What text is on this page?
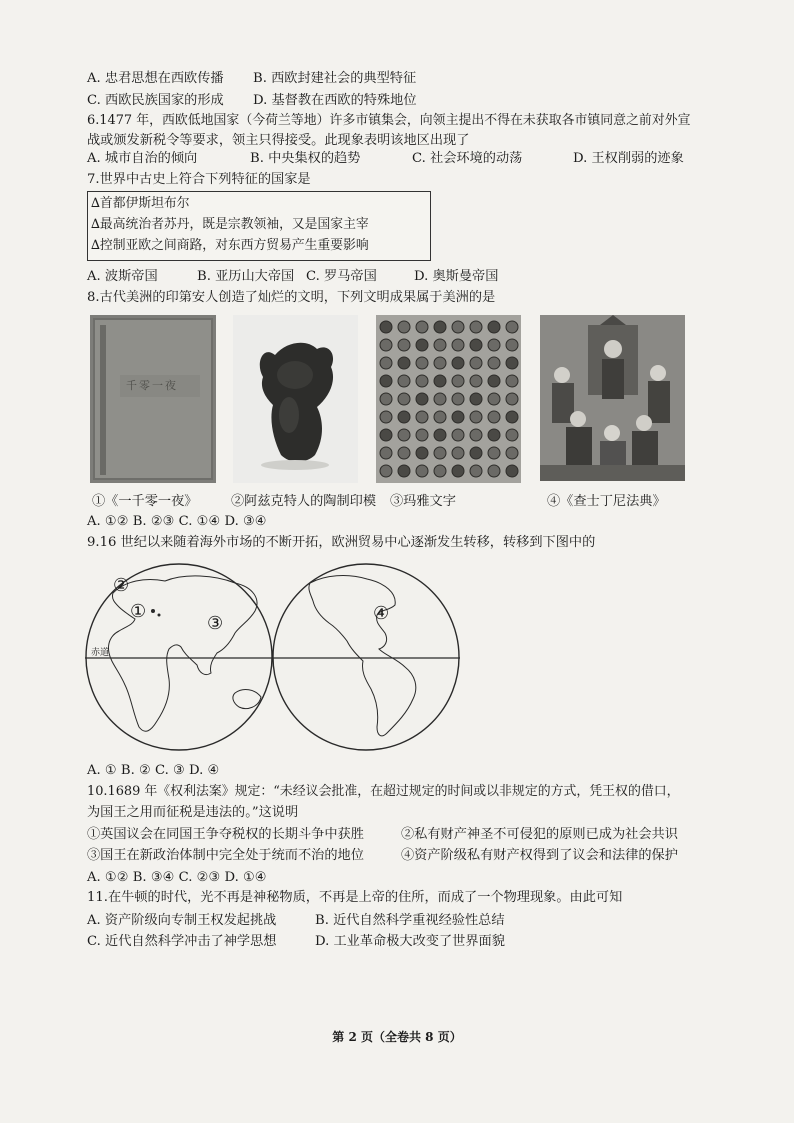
A. 忠君思想在西欧传播 B. 西欧封建社会的典型特征
C. 西欧民族国家的形成 D. 基督教在西欧的特殊地位
6.1477 年，西欧低地国家（今荷兰等地）许多市镇集会，向领主提出不得在未获取各市镇同意之前对外宣
战或颁发新税令等要求，领主只得接受。此现象表明该地区出现了
A. 城市自治的倾向	B. 中央集权的趋势	C. 社会环境的动荡	D. 王权削弱的迹象
7.世界中古史上符合下列特征的国家是
∆首都伊斯坦布尔
∆最高统治者苏丹，既是宗教领袖，又是国家主宰
∆控制亚欧之间商路，对东西方贸易产生重要影响
A. 波斯帝国	B. 亚历山大帝国 C. 罗马帝国	D. 奥斯曼帝国
8.古代美洲的印第安人创造了灿烂的文明，下列文明成果属于美洲的是
千零一夜
①《一千零一夜》	②阿兹克特人的陶制印模 ③玛雅文字	④《查士丁尼法典》
A. ①② B. ②③ C. ①④ D. ③④
9.16 世纪以来随着海外市场的不断开拓，欧洲贸易中心逐渐发生转移，转移到下图中的
②
①
③	④
赤道
A. ① B. ② C. ③ D. ④
10.1689 年《权利法案》规定：“未经议会批准，在超过规定的时间或以非规定的方式，凭王权的借口，
为国王之用而征税是违法的。”这说明
①英国议会在同国王争夺税权的长期斗争中获胜	②私有财产神圣不可侵犯的原则已成为社会共识
③国王在新政治体制中完全处于统而不治的地位	④资产阶级私有财产权得到了议会和法律的保护
A. ①② B. ③④ C. ②③ D. ①④
11.在牛顿的时代，光不再是神秘物质，不再是上帝的住所，而成了一个物理现象。由此可知
A. 资产阶级向专制王权发起挑战	B. 近代自然科学重视经验性总结
C. 近代自然科学冲击了神学思想	D. 工业革命极大改变了世界面貌
第 2 页（全卷共 8 页）
